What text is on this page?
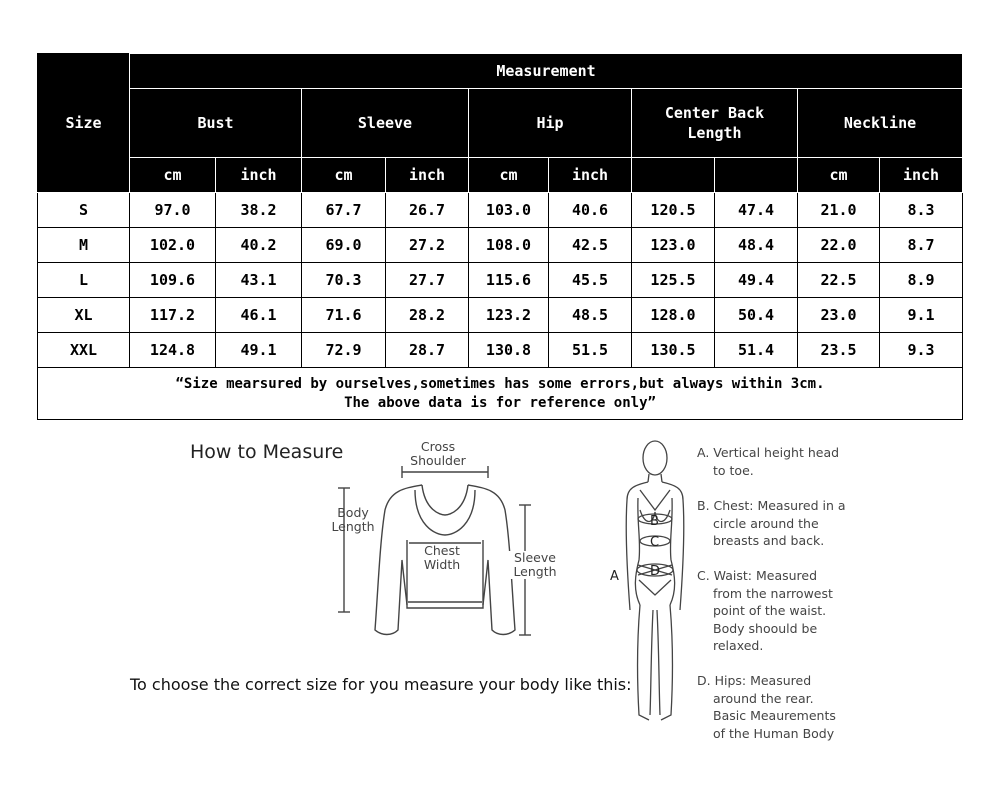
Size	Measurement									
	Bust		Sleeve		Hip		Center Back Length		Neckline	
	cm	inch	cm	inch	cm	inch			cm	inch
S	97.0	38.2	67.7	26.7	103.0	40.6	120.5	47.4	21.0	8.3
M	102.0	40.2	69.0	27.2	108.0	42.5	123.0	48.4	22.0	8.7
L	109.6	43.1	70.3	27.7	115.6	45.5	125.5	49.4	22.5	8.9
XL	117.2	46.1	71.6	28.2	123.2	48.5	128.0	50.4	23.0	9.1
XXL	124.8	49.1	72.9	28.7	130.8	51.5	130.5	51.4	23.5	9.3

“Size mearsured by ourselves,sometimes has some errors,but always within 3cm.
The above data is for reference only”										
How to Measure
To choose the correct size for you measure your body like this:
Cross
Shoulder
Body
Length
Chest
Width	Sleeve
Length
B
C
D
A
A. Vertical height head
to toe.
B. Chest: Measured in a
circle around the
breasts and back.
C. Waist: Measured
from the narrowest
point of the waist.
Body shoould be
relaxed.
D. Hips: Measured
around the rear.
Basic Meaurements
of the Human Body
